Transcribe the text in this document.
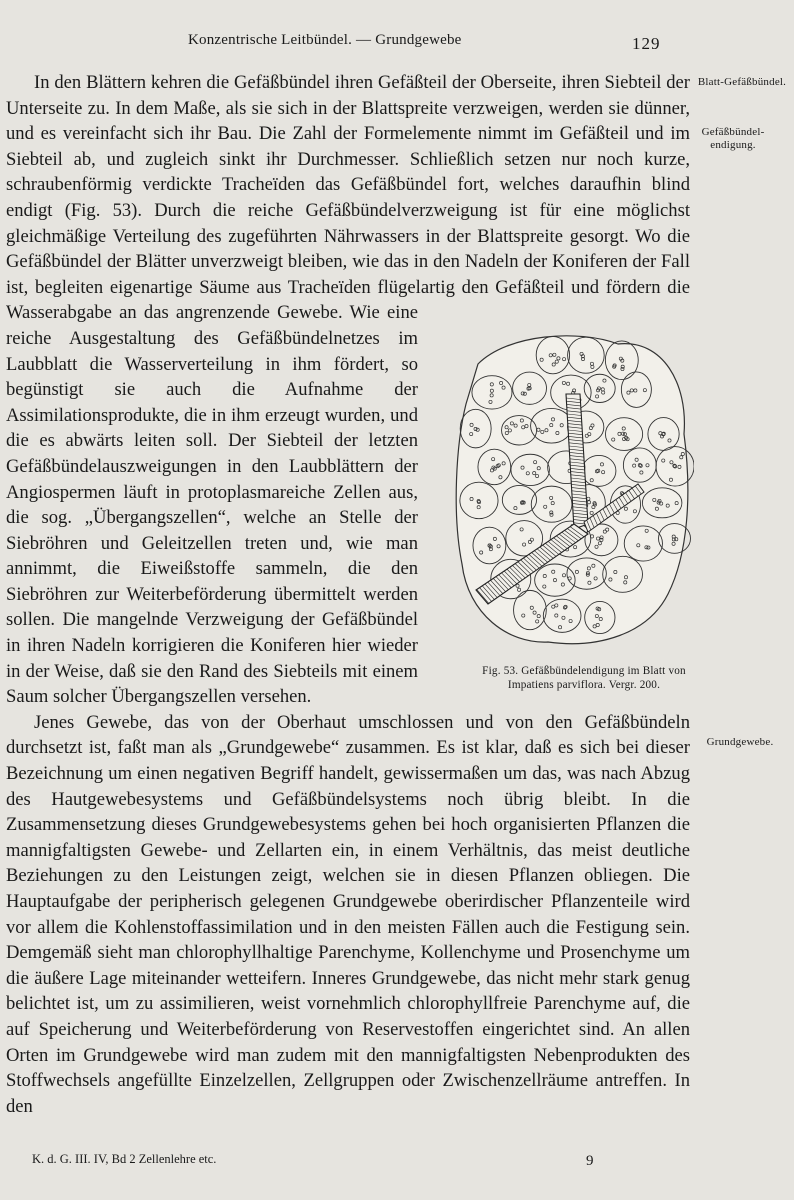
Konzentrische Leitbündel. — Grundgewebe	129
Blatt-Gefäßbündel.
Gefäßbündel-endigung.
Grundgewebe.

In den Blättern kehren die Gefäßbündel ihren Gefäßteil der Oberseite, ihren Siebteil der Unterseite zu. In dem Maße, als sie sich in der Blattspreite verzweigen, werden sie dünner, und es vereinfacht sich ihr Bau. Die Zahl der Formelemente nimmt im Gefäßteil und im Siebteil ab, und zugleich sinkt ihr Durchmesser. Schließlich setzen nur noch kurze, schraubenförmig verdickte Tracheïden das Gefäßbündel fort, welches daraufhin blind endigt (Fig. 53). Durch die reiche Gefäßbündelverzweigung ist für eine möglichst gleichmäßige Verteilung des zugeführten Nährwassers in der Blattspreite gesorgt. Wo die Gefäßbündel der Blätter unverzweigt bleiben, wie das in den Nadeln der Koniferen der Fall ist, begleiten eigenartige Säume aus Tracheïden flügelartig den Gefäßteil und fördern die Wasserabgabe an das angrenzende Gewebe. Wie eine reiche Ausgestaltung des Gefäßbündelnetzes im Laubblatt die Wasserverteilung in ihm fördert, so begünstigt sie auch die Aufnahme der Assimilationsprodukte, die in ihm erzeugt wurden, und die es abwärts leiten soll. Der Siebteil der letzten Gefäßbündelauszweigungen in den Laubblättern der Angiospermen läuft in protoplasmareiche Zellen aus, die sog. „Übergangszellen“, welche an Stelle der Siebröhren und Geleitzellen treten und, wie man annimmt, die Eiweißstoffe sammeln, die den Siebröhren zur Weiterbeförderung übermittelt werden sollen. Die mangelnde Verzweigung der Gefäßbündel in ihren Nadeln korrigieren die Koniferen hier wieder in der Weise, daß sie den Rand des Siebteils mit einem Saum solcher Übergangszellen versehen.

Jenes Gewebe, das von der Oberhaut umschlossen und von den Gefäßbündeln durchsetzt ist, faßt man als „Grundgewebe“ zusammen. Es ist klar, daß es sich bei dieser Bezeichnung um einen negativen Begriff handelt, gewissermaßen um das, was nach Abzug des Hautgewebesystems und Gefäßbündelsystems noch übrig bleibt. In die Zusammensetzung dieses Grundgewebesystems gehen bei hoch organisierten Pflanzen die mannigfaltigsten Gewebe- und Zellarten ein, in einem Verhältnis, das meist deutliche Beziehungen zu den Leistungen zeigt, welchen sie in diesen Pflanzen obliegen. Die Hauptaufgabe der peripherisch gelegenen Grundgewebe oberirdischer Pflanzenteile wird vor allem die Kohlenstoffassimilation und in den meisten Fällen auch die Festigung sein. Demgemäß sieht man chlorophyllhaltige Parenchyme, Kollenchyme und Prosenchyme um die äußere Lage miteinander wetteifern. Inneres Grundgewebe, das nicht mehr stark genug belichtet ist, um zu assimilieren, weist vornehmlich chlorophyllfreie Parenchyme auf, die auf Speicherung und Weiterbeförderung von Reservestoffen eingerichtet sind. An allen Orten im Grundgewebe wird man zudem mit den mannigfaltigsten Nebenprodukten des Stoffwechsels angefüllte Einzelzellen, Zellgruppen oder Zwischenzellräume antreffen. In den

Fig. 53. Gefäßbündelendigung im Blatt von Impatiens parviflora. Vergr. 200.
K. d. G. III. IV, Bd 2 Zellenlehre etc.	9
